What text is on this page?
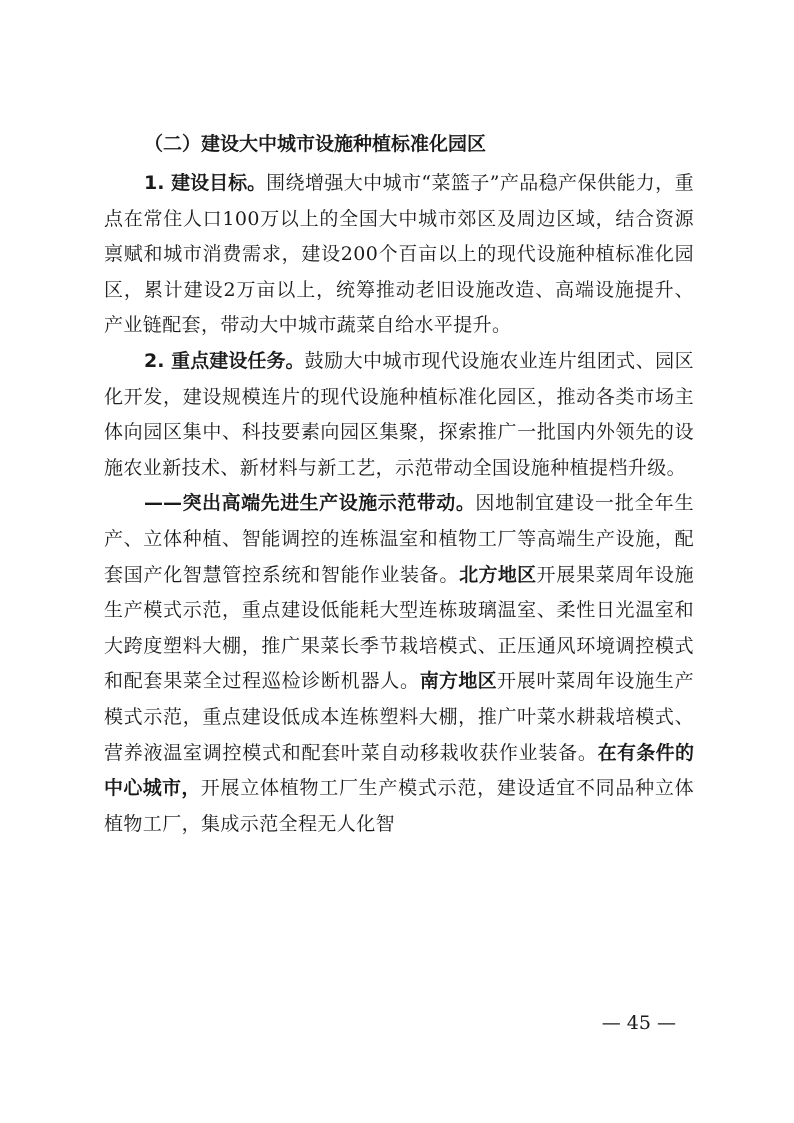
（二）建设大中城市设施种植标准化园区

1. 建设目标。围绕增强大中城市“菜篮子”产品稳产保供能力，重点在常住人口100万以上的全国大中城市郊区及周边区域，结合资源禀赋和城市消费需求，建设200个百亩以上的现代设施种植标准化园区，累计建设2万亩以上，统筹推动老旧设施改造、高端设施提升、产业链配套，带动大中城市蔬菜自给水平提升。

2. 重点建设任务。鼓励大中城市现代设施农业连片组团式、园区化开发，建设规模连片的现代设施种植标准化园区，推动各类市场主体向园区集中、科技要素向园区集聚，探索推广一批国内外领先的设施农业新技术、新材料与新工艺，示范带动全国设施种植提档升级。

——突出高端先进生产设施示范带动。因地制宜建设一批全年生产、立体种植、智能调控的连栋温室和植物工厂等高端生产设施，配套国产化智慧管控系统和智能作业装备。北方地区开展果菜周年设施生产模式示范，重点建设低能耗大型连栋玻璃温室、柔性日光温室和大跨度塑料大棚，推广果菜长季节栽培模式、正压通风环境调控模式和配套果菜全过程巡检诊断机器人。南方地区开展叶菜周年设施生产模式示范，重点建设低成本连栋塑料大棚，推广叶菜水耕栽培模式、营养液温室调控模式和配套叶菜自动移栽收获作业装备。在有条件的中心城市，开展立体植物工厂生产模式示范，建设适宜不同品种立体植物工厂，集成示范全程无人化智

— 45 —
